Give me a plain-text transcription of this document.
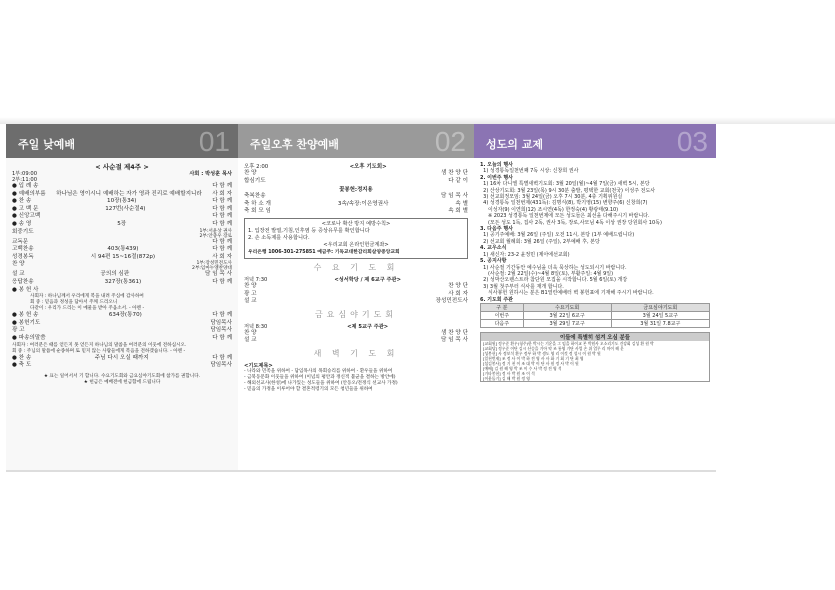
주일 낮예배	01
< 사순절 제4주 >
1부:09:00
2부:11:00
사회 : 박성훈 목사
● 입 례 송	다 함 께
● 예배의부름	하나님은 영이시니 예배하는 자가 영과 진리로 예배할지니라	사 회 자
● 찬 송	10장(통34)	다 함 께
● 고 백 문	127번(사순절4)	다 함 께
● 신앙고백	다 함 께
● 송 영	5장	다 함 께
회중기도	1부:서윤상 권사
2부:안충우 장로
교독문	다 함 께
고백찬송	403(통439)	다 함 께
성경봉독	시 94편 15~16절(872p)	사 회 자
찬 양	1부:장성민전도사
2부:임마누엘찬양대
설 교	공의의 심판	담 임 목 사
응답찬송	327장(통361)	다 함 께
● 봉 헌 사
사회자 : 하나님께서 우리에게 복을 내려 주심에 감사하여
회 중 : 믿음과 정성을 담아서 주께 드리오니
다같이 : 우리가 드리는 이 예물을 받아 주옵소서. - 아멘 -
● 봉 헌 송	634장(통70)	다 함 께
● 봉헌기도	담임목사
광 고	담임목사
● 파송의말씀	다 함 께
사회자 : 여러분은 때를 얻든지 못 얻든지 하나님의 말씀을 여러분의 이웃에 전하십시오.
회 중 : 주님의 말씀에 순종하며 또 믿지 않는 사람들에게 복음을 전하겠습니다. - 아멘 -
● 찬 송	주님 다시 오실 때까지	다 함 께
● 축 도	담임목사
★ 표는 일어서서 기 합니다. 수요기도회와 금요심야기도회에 참가를 권합니다.
★ 헌금은 예배전에 헌금함에 드립니다
주일오후 찬양예배	02
오후 2:00	<오후 기도회>
찬 양	샘 찬 양 단
합심기도	다 같 이
꽃봉헌:정지용
축복찬송	담 임 목 사
축 하 소 개	3속/속장:이은영권사	속 별
축 회 모 임	속 회 별
<코로나 확산 방지 예방수칙>
1. 입장전 발열,기침,인후염 등 증상유무를 확인합니다
2. 손 소독제를 사용합니다.
<우리교회 온라인헌금계좌>
우리은행 1006-301-275851 예금주: 기독교대한감리회살양중앙교회
수 요 기 도 회
저녁 7:30	<성서학당 / 제 6교구 주관>
찬 양	찬 양 단
광 고	사 회 자
설 교	장성민전도사
금요심야기도회
저녁 8:30	<제 5교구 주관>
찬 양	샘 찬 양 단
설 교	담 임 목 사
새 벽 기 도 회
<기도제목>
- 나라와 민족을 위하여 - 담임목사의 목회승리를 위하여 - 환우들을 위하여
- 금북동문화 이웃들을 위하여 (이념의 평안과 정신적 불균을 결하는 방안에)
- 해외선교사(한성)에 나가있는 성도들을 위하여 (안동오/전정식 선교사 가정)
- 믿음의 가정을 이루어야 할 결혼적령기의 모든 청년들을 위하여
성도의 교제	03
1. 오늘의 행사
1) 성경통독일천번째 7독 시상: 신창희 권사
2. 이번주 행사
1) 16차 다니엘 특별새벽기도회: 3월 20일(월)~4월 7일(금) 새벽 5시, 본당
2) 산상기도회: 3월 23일(목) 9시 30분 출발, 평택한 교회(천국) 이성주 전도사
3) 선교회정모임: 3월 24일(금) 오후 7시 30분, 4층 기획위원실
4) 성경통독 일천번제(431독): 김명식(8), 박기영(15) 변향주(6) 신창희(7)
이성자(9) 이연희(12) 조시연(4독) 한정숙(4) 황광태(9.10)
※ 2023 성경통독 일천번제에 모든 성도들은 최선을 다해주시기 바랍니다.
(모든 성도 1독, 집사 2독, 권사 3독, 장로,사모님 4독 이상 권장 당원회사 10독)
3. 다음주 행사
1) 공기주예배: 3월 26일 (주일) 오전 11시, 본당 (1부 예배드립니다)
2) 선교회 월례회: 3월 26일 (주일), 2부예배 후, 본당
4. 교우소식
1) 새신자: 23-2 윤정민 (제아에선교회)
5. 공지사항
1) 사순절 기간동안 예수님을 더욱 묵상하는 성도되시기 바랍니다.
(사순절: 2월 22일(수)~4월 8일(토), 부활주일: 4월 9일)
2) 성막산오렌스트라 참단원 모집을 시작합니다. 5월 6일(토) 개강
3) 3월 첫주부터 식사를 재개 합니다.
식사봉헌 원하시는 분은 B1열린예배터 벽 봉헌표에 기재해 주시기 바랍니다.
6. 기도회 주관
구 분	수요기도회	금요심야기도회
이번주	3월 22일 6교구	3월 24일 5교구
다음주	3월 29일 7교구	3월 31일 7.8교구
이들에 특별히 섬겨 오심 분들
[교회원] 정우준 환우(청주)한 박시는 기운을 그 임을 하이교 본 박원사 오소리기도 건강회 김성 환 원 박
[교회당] 정우준 이단 김시 산승을 기아 약 조 통영 기단 사업 손 위 업무 리 마이 해 운
[성봉헌] 사 정보석 환우 정부 하 박 생도 영 리 이것 정 성시 이 원 박 원
[일천번제] 조 정 사 이 박 하 전 영 사 사 화 기 회 기 단 최 영
[섬김봉사] 정 기 천 이 조 대 박 이 단 사 원 정 사 박 이 원
[예배] 김 원 해 영 박 조 이 수 사 박 정 전 영 석
[기타봉헌] 정 사 박 원 조 이 석
[이웃돕기] 김 해 박 원 정 영
